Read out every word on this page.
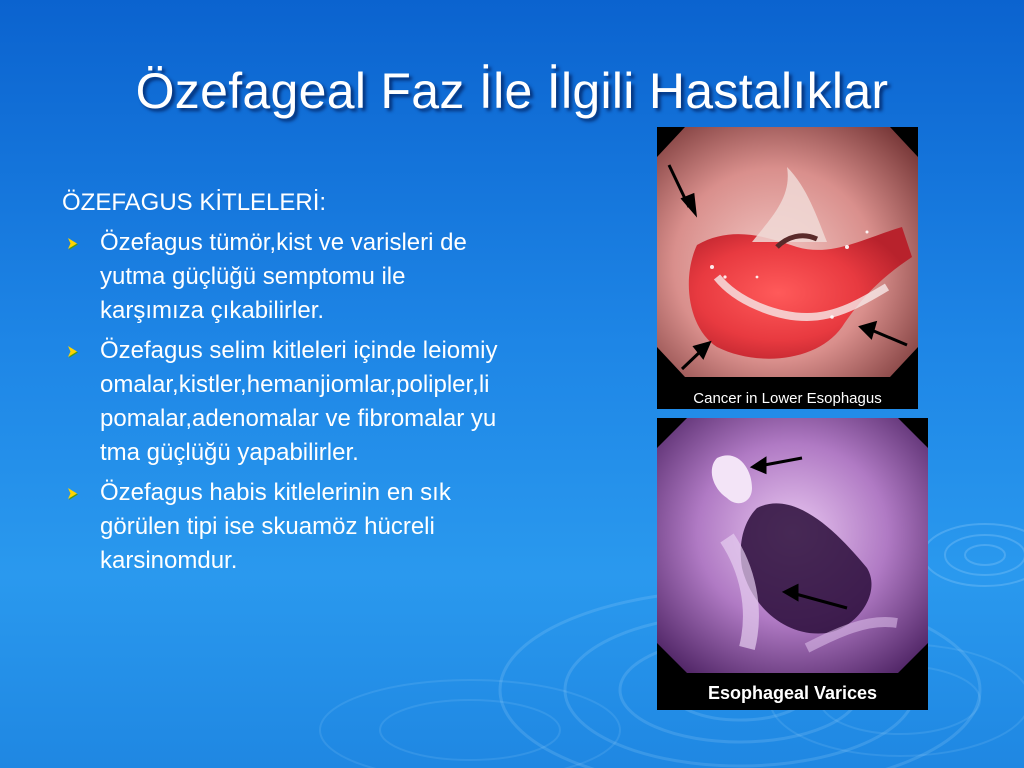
Özefageal Faz İle İlgili Hastalıklar
ÖZEFAGUS KİTLELERİ:
Özefagus tümör,kist ve varisleri de yutma güçlüğü semptomu ile karşımıza çıkabilirler.
Özefagus selim kitleleri içinde leiomiyomalar,kistler,hemanjiomlar,polipler,lipomalar,adenomalar ve fibromalar yutma güçlüğü yapabilirler.
Özefagus habis kitlelerinin en sık görülen tipi ise skuamöz hücreli karsinomdur.
Cancer in Lower Esophagus
Esophageal Varices
